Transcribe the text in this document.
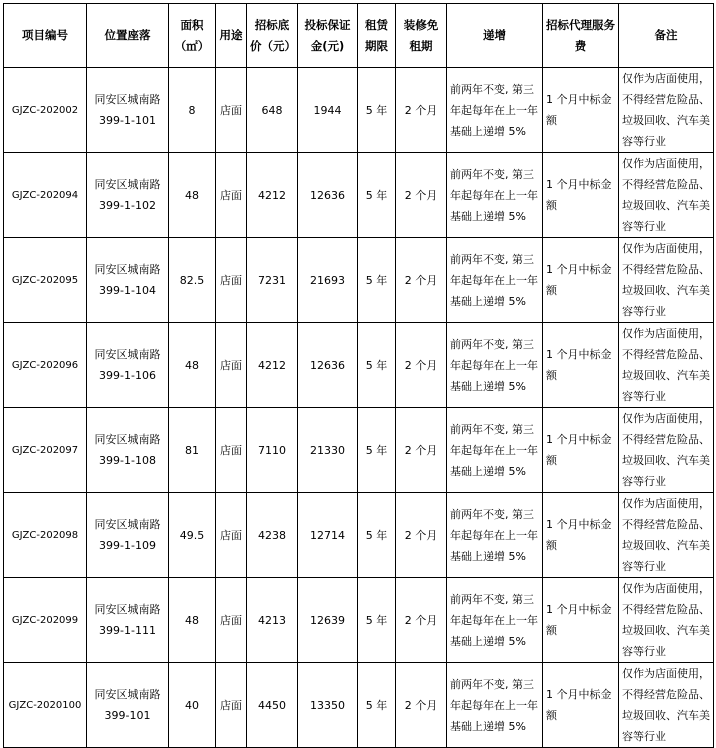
项目编号	位置座落	面积（㎡）	用途	招标底价（元）	投标保证金(元)	租赁期限	装修免租期	递增	招标代理服务费	备注
GJZC-202002	同安区城南路399-1-101	8	店面	648	1944	5 年	2 个月	前两年不变, 第三年起每年在上一年基础上递增 5%	1 个月中标金额	仅作为店面使用，不得经营危险品、垃圾回收、汽车美容等行业
GJZC-202094	同安区城南路399-1-102	48	店面	4212	12636	5 年	2 个月	前两年不变, 第三年起每年在上一年基础上递增 5%	1 个月中标金额	仅作为店面使用，不得经营危险品、垃圾回收、汽车美容等行业
GJZC-202095	同安区城南路399-1-104	82.5	店面	7231	21693	5 年	2 个月	前两年不变, 第三年起每年在上一年基础上递增 5%	1 个月中标金额	仅作为店面使用，不得经营危险品、垃圾回收、汽车美容等行业
GJZC-202096	同安区城南路399-1-106	48	店面	4212	12636	5 年	2 个月	前两年不变, 第三年起每年在上一年基础上递增 5%	1 个月中标金额	仅作为店面使用，不得经营危险品、垃圾回收、汽车美容等行业
GJZC-202097	同安区城南路399-1-108	81	店面	7110	21330	5 年	2 个月	前两年不变, 第三年起每年在上一年基础上递增 5%	1 个月中标金额	仅作为店面使用，不得经营危险品、垃圾回收、汽车美容等行业
GJZC-202098	同安区城南路399-1-109	49.5	店面	4238	12714	5 年	2 个月	前两年不变, 第三年起每年在上一年基础上递增 5%	1 个月中标金额	仅作为店面使用，不得经营危险品、垃圾回收、汽车美容等行业
GJZC-202099	同安区城南路399-1-111	48	店面	4213	12639	5 年	2 个月	前两年不变, 第三年起每年在上一年基础上递增 5%	1 个月中标金额	仅作为店面使用，不得经营危险品、垃圾回收、汽车美容等行业
GJZC-2020100	同安区城南路399-101	40	店面	4450	13350	5 年	2 个月	前两年不变, 第三年起每年在上一年基础上递增 5%	1 个月中标金额	仅作为店面使用，不得经营危险品、垃圾回收、汽车美容等行业
